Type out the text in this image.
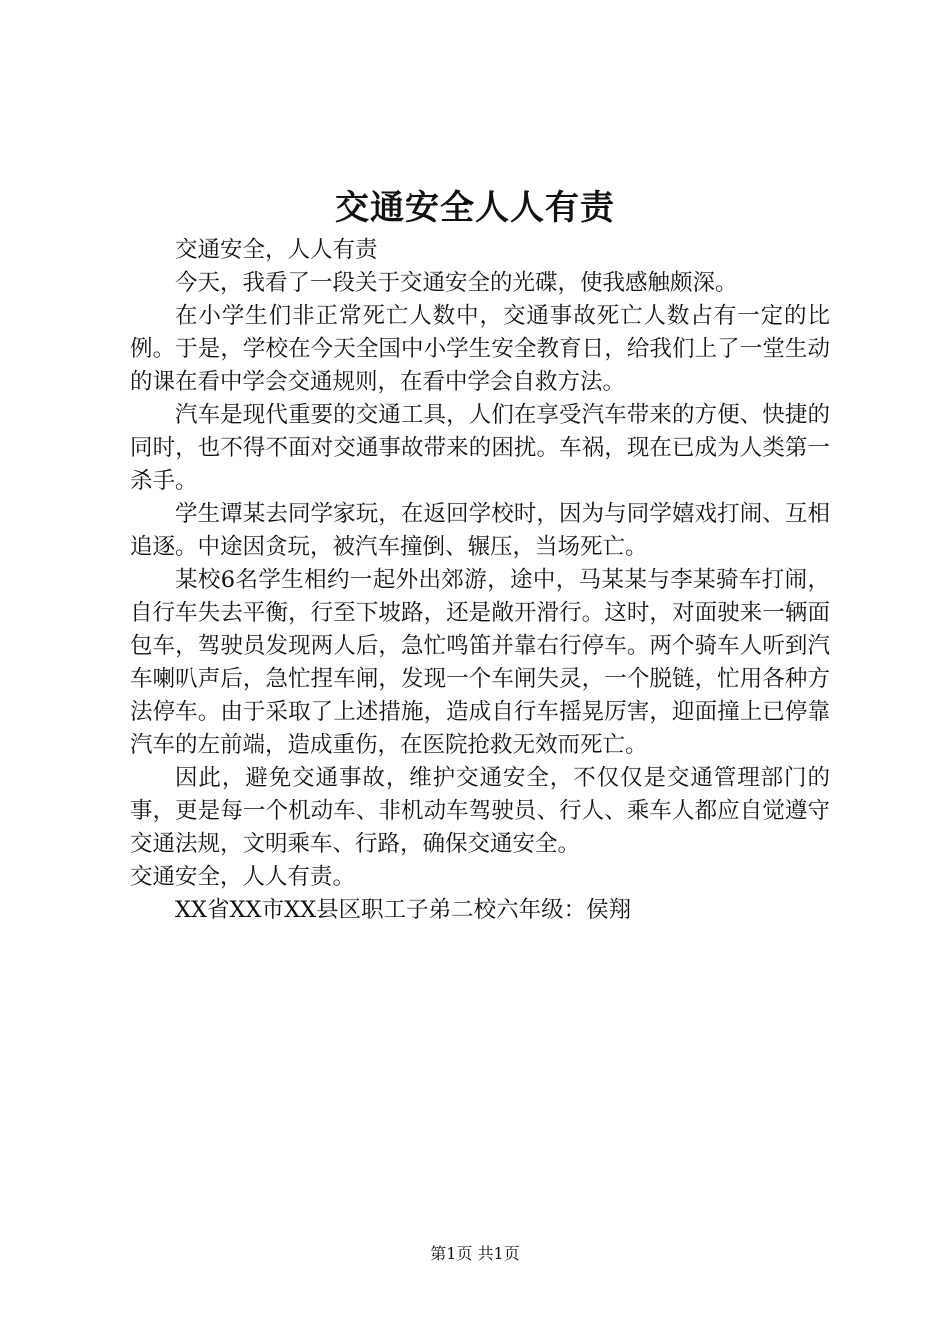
交通安全人人有责

交通安全，人人有责

今天，我看了一段关于交通安全的光碟，使我感触颇深。

在小学生们非正常死亡人数中，交通事故死亡人数占有一定的比例。于是，学校在今天全国中小学生安全教育日，给我们上了一堂生动的课在看中学会交通规则，在看中学会自救方法。

汽车是现代重要的交通工具，人们在享受汽车带来的方便、快捷的同时，也不得不面对交通事故带来的困扰。车祸，现在已成为人类第一杀手。

学生谭某去同学家玩，在返回学校时，因为与同学嬉戏打闹、互相追逐。中途因贪玩，被汽车撞倒、辗压，当场死亡。

某校6名学生相约一起外出郊游，途中，马某某与李某骑车打闹，自行车失去平衡，行至下坡路，还是敞开滑行。这时，对面驶来一辆面包车，驾驶员发现两人后，急忙鸣笛并靠右行停车。两个骑车人听到汽车喇叭声后，急忙捏车闸，发现一个车闸失灵，一个脱链，忙用各种方法停车。由于采取了上述措施，造成自行车摇晃厉害，迎面撞上已停靠汽车的左前端，造成重伤，在医院抢救无效而死亡。

因此，避免交通事故，维护交通安全，不仅仅是交通管理部门的事，更是每一个机动车、非机动车驾驶员、行人、乘车人都应自觉遵守交通法规，文明乘车、行路，确保交通安全。

交通安全，人人有责。

XX省XX市XX县区职工子弟二校六年级：侯翔

第1页 共1页
